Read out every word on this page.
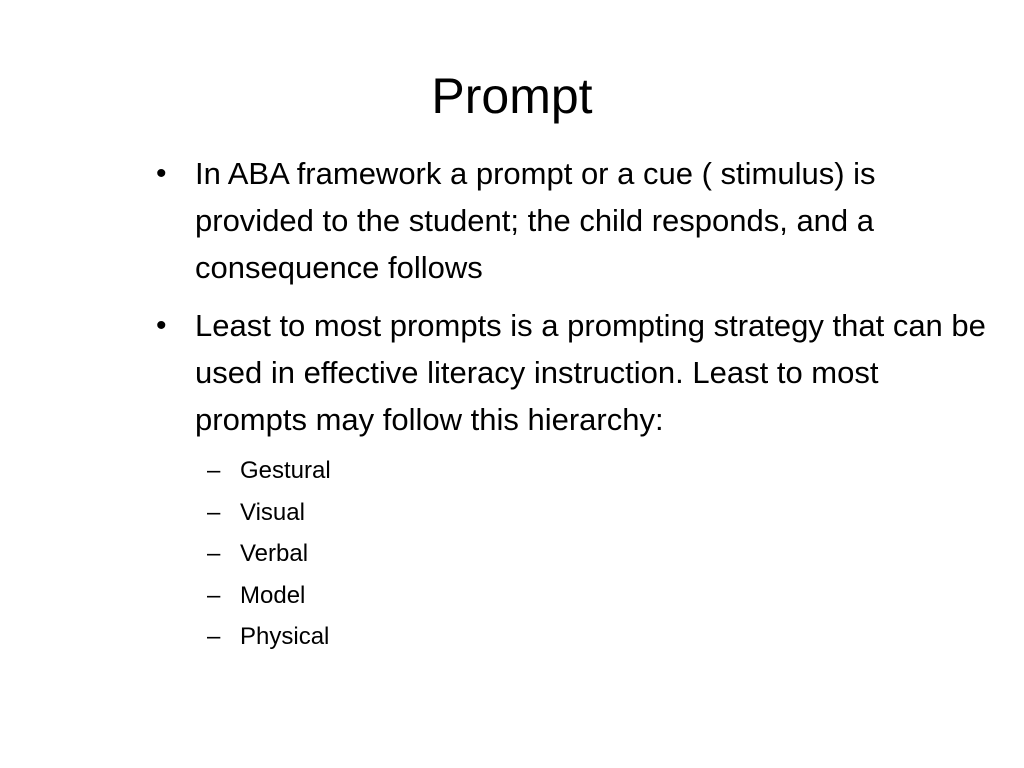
Prompt
• In ABA framework a prompt or a cue ( stimulus) is provided to the student; the child responds, and a consequence follows
• Least to most prompts is a prompting strategy that can be used in effective literacy instruction. Least to most prompts may follow this hierarchy:
– Gestural
– Visual
– Verbal
– Model
– Physical
